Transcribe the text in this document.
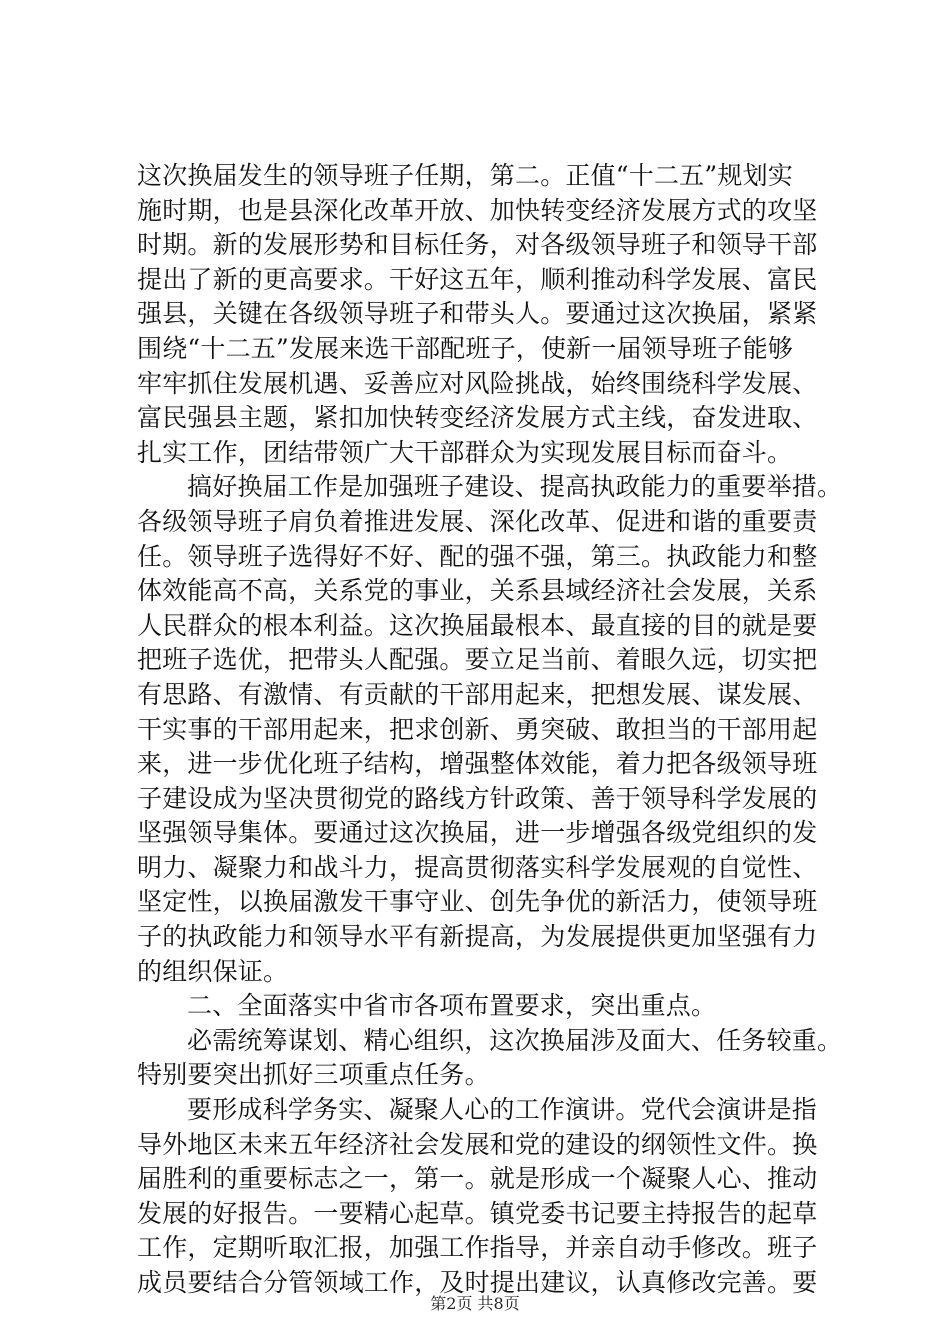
这次换届发生的领导班子任期，第二。正值“十二五”规划实
施时期，也是县深化改革开放、加快转变经济发展方式的攻坚
时期。新的发展形势和目标任务，对各级领导班子和领导干部
提出了新的更高要求。干好这五年，顺利推动科学发展、富民
强县，关键在各级领导班子和带头人。要通过这次换届，紧紧
围绕“十二五”发展来选干部配班子，使新一届领导班子能够
牢牢抓住发展机遇、妥善应对风险挑战，始终围绕科学发展、
富民强县主题，紧扣加快转变经济发展方式主线，奋发进取、
扎实工作，团结带领广大干部群众为实现发展目标而奋斗。
搞好换届工作是加强班子建设、提高执政能力的重要举措。
各级领导班子肩负着推进发展、深化改革、促进和谐的重要责
任。领导班子选得好不好、配的强不强，第三。执政能力和整
体效能高不高，关系党的事业，关系县域经济社会发展，关系
人民群众的根本利益。这次换届最根本、最直接的目的就是要
把班子选优，把带头人配强。要立足当前、着眼久远，切实把
有思路、有激情、有贡献的干部用起来，把想发展、谋发展、
干实事的干部用起来，把求创新、勇突破、敢担当的干部用起
来，进一步优化班子结构，增强整体效能，着力把各级领导班
子建设成为坚决贯彻党的路线方针政策、善于领导科学发展的
坚强领导集体。要通过这次换届，进一步增强各级党组织的发
明力、凝聚力和战斗力，提高贯彻落实科学发展观的自觉性、
坚定性，以换届激发干事守业、创先争优的新活力，使领导班
子的执政能力和领导水平有新提高，为发展提供更加坚强有力
的组织保证。
二、全面落实中省市各项布置要求，突出重点。
必需统筹谋划、精心组织，这次换届涉及面大、任务较重。
特别要突出抓好三项重点任务。
要形成科学务实、凝聚人心的工作演讲。党代会演讲是指
导外地区未来五年经济社会发展和党的建设的纲领性文件。换
届胜利的重要标志之一，第一。就是形成一个凝聚人心、推动
发展的好报告。一要精心起草。镇党委书记要主持报告的起草
工作，定期听取汇报，加强工作指导，并亲自动手修改。班子
成员要结合分管领域工作，及时提出建议，认真修改完善。要
第2页 共8页
